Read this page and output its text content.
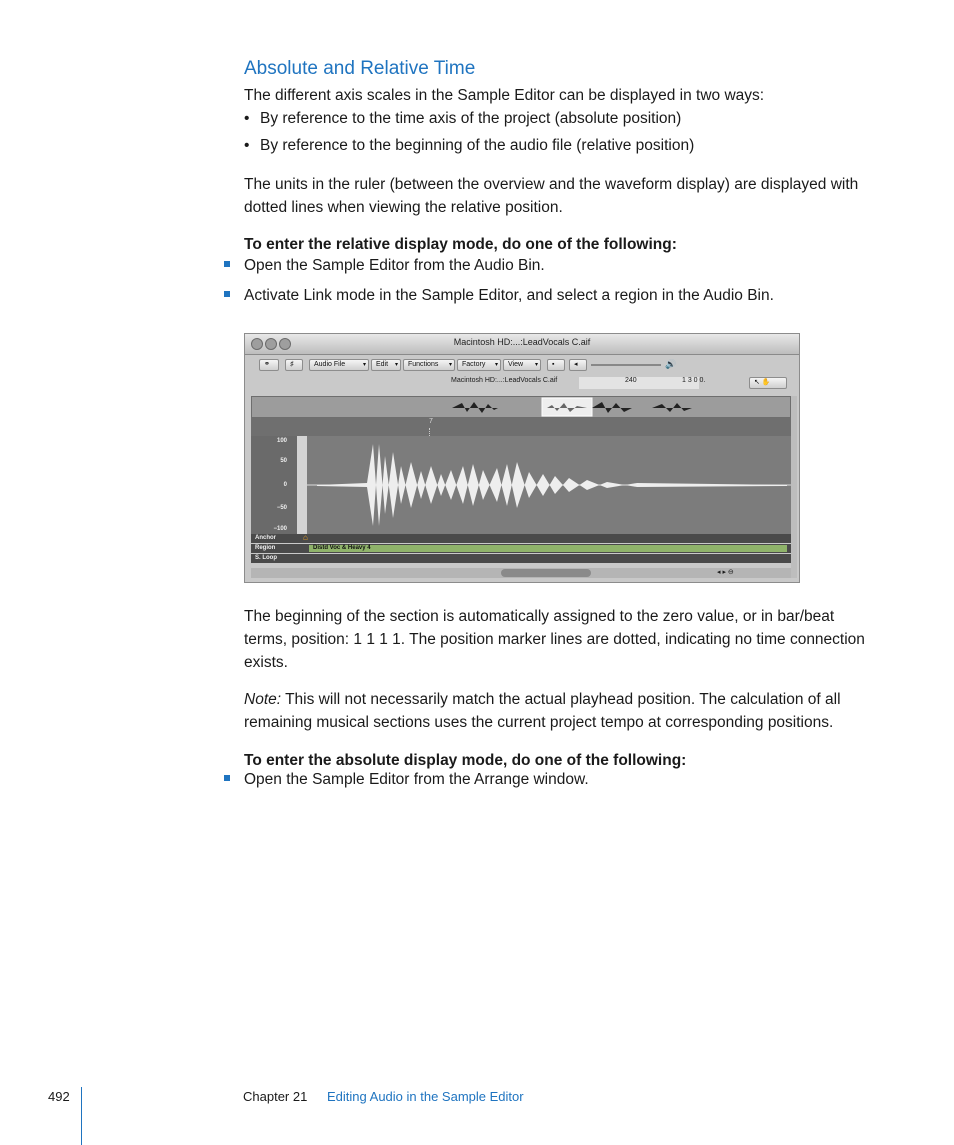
Absolute and Relative Time

The different axis scales in the Sample Editor can be displayed in two ways:

• By reference to the time axis of the project (absolute position)
• By reference to the beginning of the audio file (relative position)

The units in the ruler (between the overview and the waveform display) are displayed with dotted lines when viewing the relative position.

To enter the relative display mode, do one of the following:

Open the Sample Editor from the Audio Bin.
Activate Link mode in the Sample Editor, and select a region in the Audio Bin.
Macintosh HD:...:LeadVocals C.aif
⚭	♯	Audio File	▾	Edit ▾	Functions ▾	Factory ▾	View ▾	▪	◂	🔊
Macintosh HD:...:LeadVocals C.aif	240	1 3 0 0.	↖ ✋
7
100
50
0
−50
−100
Anchor	⌂
Region	Distd Voc & Heavy 4
S. Loop
◂ ▸ ⊖

The beginning of the section is automatically assigned to the zero value, or in bar/beat terms, position: 1 1 1 1. The position marker lines are dotted, indicating no time connection exists.

Note: This will not necessarily match the actual playhead position. The calculation of all remaining musical sections uses the current project tempo at corresponding positions.

To enter the absolute display mode, do one of the following:

Open the Sample Editor from the Arrange window.
492	Chapter 21 Editing Audio in the Sample Editor
